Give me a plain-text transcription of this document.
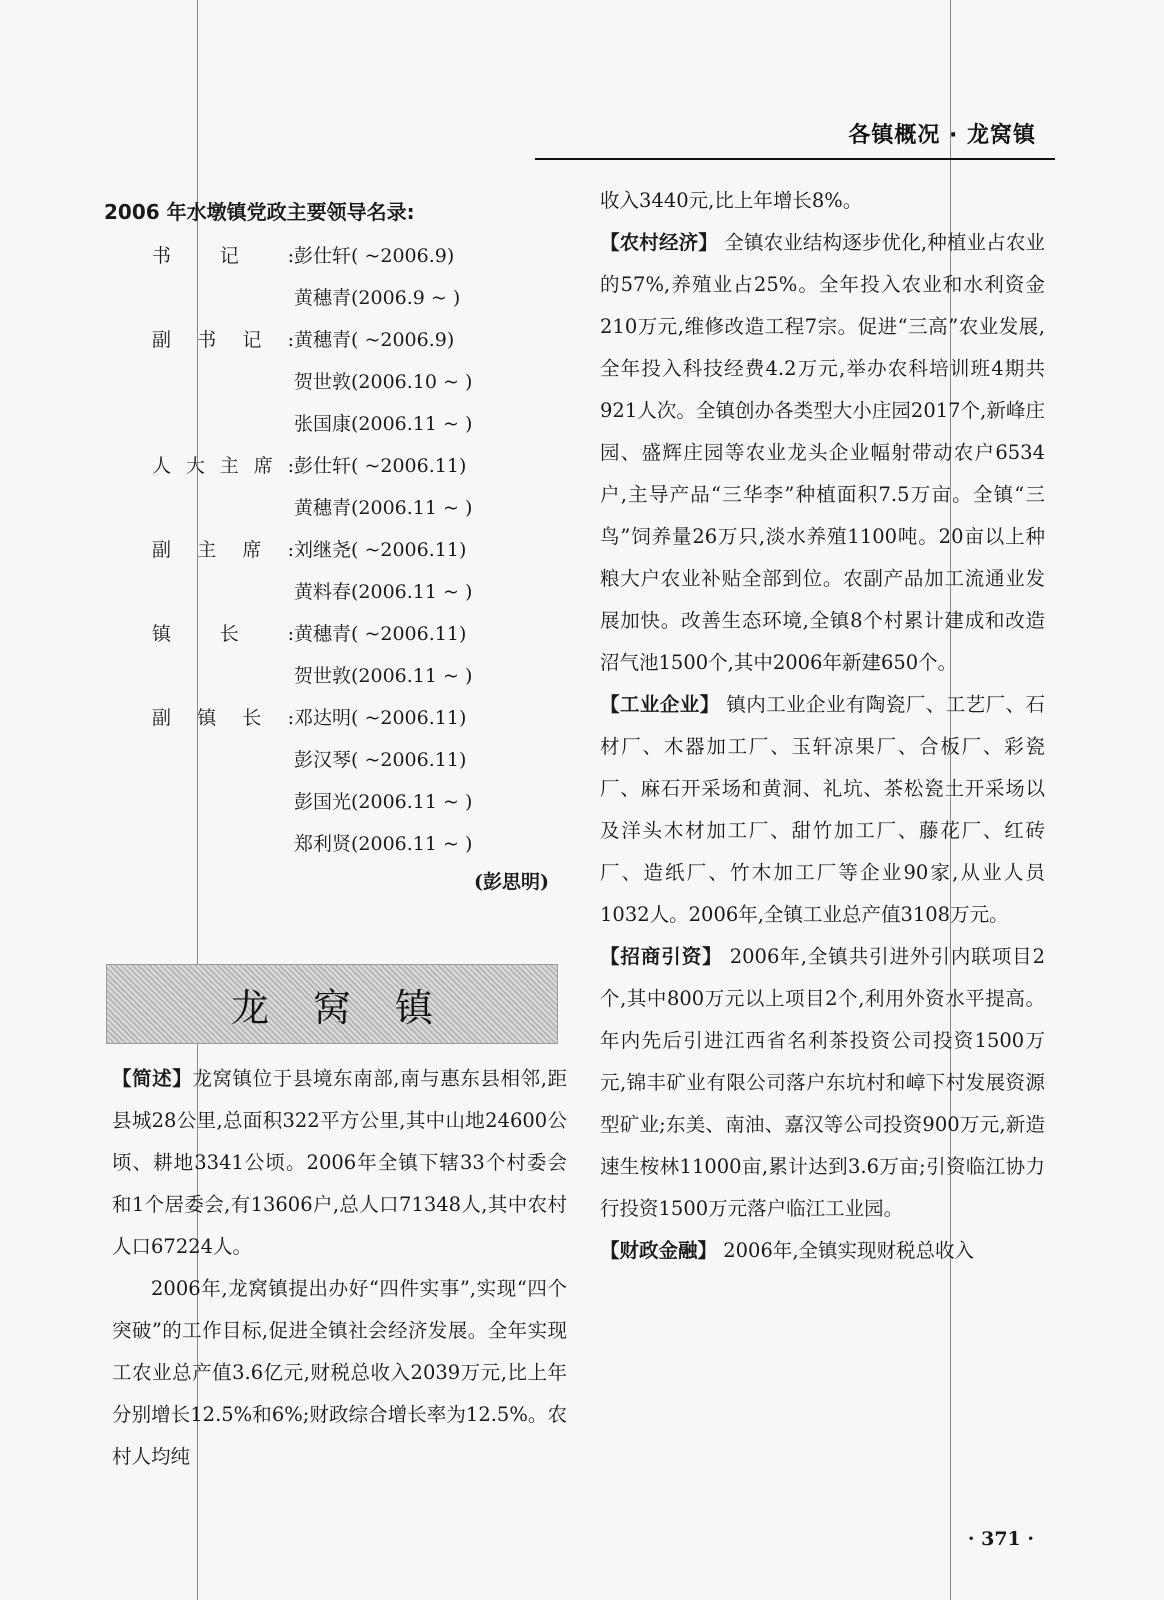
各镇概况 · 龙窝镇
2006 年水墩镇党政主要领导名录:
书记: 彭仕轩( ~2006.9)
黄穗青(2006.9 ~ )
副书记: 黄穗青( ~2006.9)
贺世敦(2006.10 ~ )
张国康(2006.11 ~ )
人大主席: 彭仕轩( ~2006.11)
黄穗青(2006.11 ~ )
副主席: 刘继尧( ~2006.11)
黄料春(2006.11 ~ )
镇长: 黄穗青( ~2006.11)
贺世敦(2006.11 ~ )
副镇长: 邓达明( ~2006.11)
彭汉琴( ~2006.11)
彭国光(2006.11 ~ )
郑利贤(2006.11 ~ )
(彭思明)
龙窝镇

【简述】龙窝镇位于县境东南部,南与惠东县相邻,距县城28公里,总面积322平方公里,其中山地24600公顷、耕地3341公顷。2006年全镇下辖33个村委会和1个居委会,有13606户,总人口71348人,其中农村人口67224人。

2006年,龙窝镇提出办好“四件实事”,实现“四个突破”的工作目标,促进全镇社会经济发展。全年实现工农业总产值3.6亿元,财税总收入2039万元,比上年分别增长12.5%和6%;财政综合增长率为12.5%。农村人均纯

收入3440元,比上年增长8%。

【农村经济】 全镇农业结构逐步优化,种植业占农业的57%,养殖业占25%。全年投入农业和水利资金210万元,维修改造工程7宗。促进“三高”农业发展,全年投入科技经费4.2万元,举办农科培训班4期共921人次。全镇创办各类型大小庄园2017个,新峰庄园、盛辉庄园等农业龙头企业幅射带动农户6534户,主导产品“三华李”种植面积7.5万亩。全镇“三鸟”饲养量26万只,淡水养殖1100吨。20亩以上种粮大户农业补贴全部到位。农副产品加工流通业发展加快。改善生态环境,全镇8个村累计建成和改造沼气池1500个,其中2006年新建650个。

【工业企业】 镇内工业企业有陶瓷厂、工艺厂、石材厂、木器加工厂、玉轩凉果厂、合板厂、彩瓷厂、麻石开采场和黄洞、礼坑、茶松瓷土开采场以及洋头木材加工厂、甜竹加工厂、藤花厂、红砖厂、造纸厂、竹木加工厂等企业90家,从业人员1032人。2006年,全镇工业总产值3108万元。

【招商引资】 2006年,全镇共引进外引内联项目2个,其中800万元以上项目2个,利用外资水平提高。年内先后引进江西省名利茶投资公司投资1500万元,锦丰矿业有限公司落户东坑村和嶂下村发展资源型矿业;东美、南油、嘉汉等公司投资900万元,新造速生桉林11000亩,累计达到3.6万亩;引资临江协力行投资1500万元落户临江工业园。

【财政金融】 2006年,全镇实现财税总收入

· 371 ·
